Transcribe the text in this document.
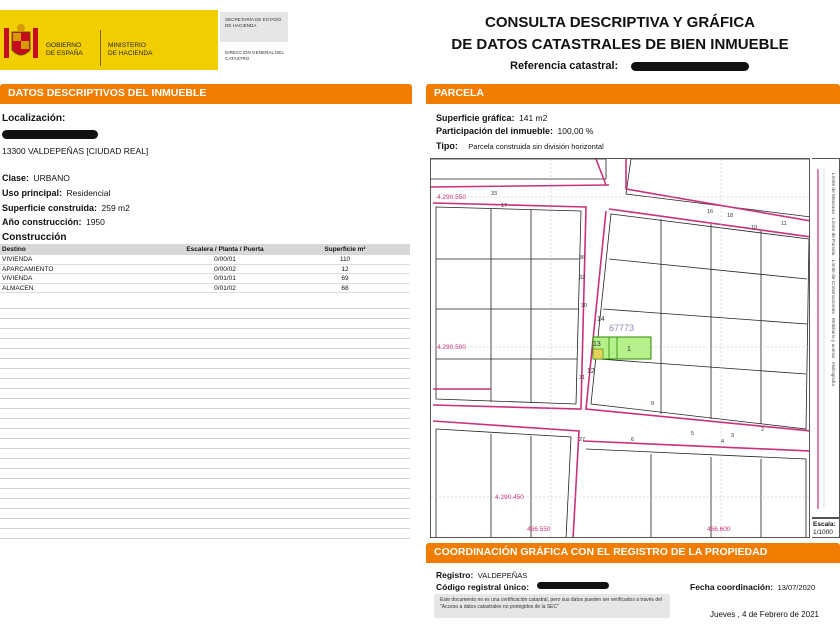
GOBIERNO
DE ESPAÑA
MINISTERIO
DE HACIENDA
SECRETARÍA DE ESTADO DE HACIENDA
DIRECCIÓN GENERAL DEL CATASTRO
CONSULTA DESCRIPTIVA Y GRÁFICA
DE DATOS CATASTRALES DE BIEN INMUEBLE
Referencia catastral:
DATOS DESCRIPTIVOS DEL INMUEBLE
Localización:
13300 VALDEPEÑAS [CIUDAD REAL]
Clase: URBANO
Uso principal: Residencial
Superficie construida: 259 m2
Año construcción: 1950
Construcción
Destino	Escalera / Planta / Puerta	Superficie m²
VIVIENDA	0/00/01	110
APARCAMIENTO	0/00/02	12
VIVIENDA	0/01/01	69
ALMACEN	0/01/02	68
PARCELA
Superficie gráfica: 141 m2
Participación del inmueble: 100,00 %
Tipo: Parcela construida sin división horizontal
4.290.550
4.290.500
4.290.450
466.550	466.600
67773
14
13
12
1
33
16
17
18
11
27
36
32
31
30
2
3
5
4
6
9
10	Límite de Manzana · Límite de Parcela · Límite de Construcciones · Mobiliario y aceras · Hidrografía
Escala:
1/1000
COORDINACIÓN GRÁFICA CON EL REGISTRO DE LA PROPIEDAD
Registro: VALDEPEÑAS
Código registral único:	Fecha coordinación: 13/07/2020
Este documento no es una certificación catastral, pero sus datos pueden ser verificados a través del "Acceso a datos catastrales no protegidos de la SEC"
Jueves , 4 de Febrero de 2021
